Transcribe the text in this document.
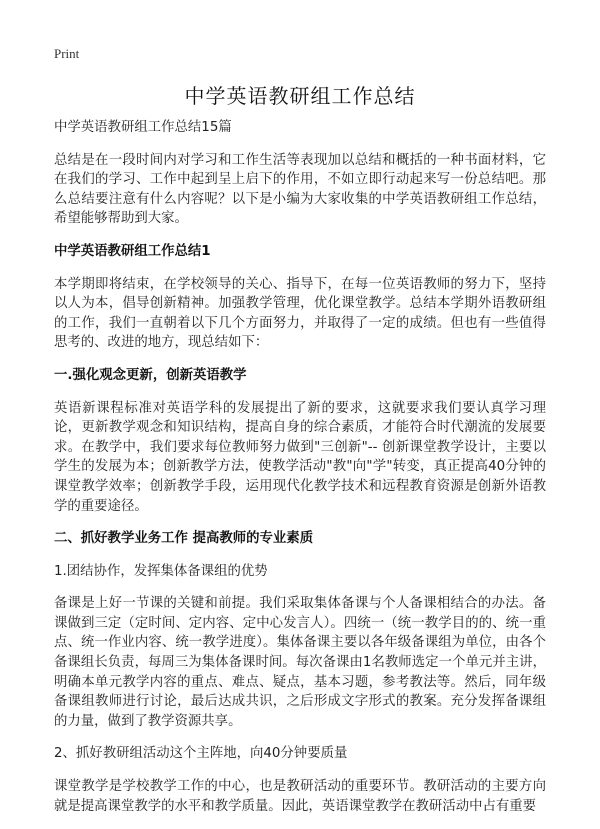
Print
中学英语教研组工作总结

中学英语教研组工作总结15篇

总结是在一段时间内对学习和工作生活等表现加以总结和概括的一种书面材料，它在我们的学习、工作中起到呈上启下的作用，不如立即行动起来写一份总结吧。那么总结要注意有什么内容呢？以下是小编为大家收集的中学英语教研组工作总结，希望能够帮助到大家。

中学英语教研组工作总结1

本学期即将结束，在学校领导的关心、指导下，在每一位英语教师的努力下，坚持以人为本，倡导创新精神。加强教学管理，优化课堂教学。总结本学期外语教研组的工作，我们一直朝着以下几个方面努力，并取得了一定的成绩。但也有一些值得思考的、改进的地方，现总结如下：

一.强化观念更新，创新英语教学

英语新课程标准对英语学科的发展提出了新的要求，这就要求我们要认真学习理论，更新教学观念和知识结构，提高自身的综合素质，才能符合时代潮流的发展要求。在教学中，我们要求每位教师努力做到"三创新"-- 创新课堂教学设计，主要以学生的发展为本；创新教学方法，使教学活动"教"向"学"转变，真正提高40分钟的课堂教学效率；创新教学手段，运用现代化教学技术和远程教育资源是创新外语教学的重要途径。

二、抓好教学业务工作 提高教师的专业素质

1.团结协作，发挥集体备课组的优势

备课是上好一节课的关键和前提。我们采取集体备课与个人备课相结合的办法。备课做到三定（定时间、定内容、定中心发言人）。四统一（统一教学目的的、统一重点、统一作业内容、统一教学进度）。集体备课主要以各年级备课组为单位，由各个备课组长负责，每周三为集体备课时间。每次备课由1名教师选定一个单元并主讲，明确本单元教学内容的重点、难点、疑点，基本习题，参考教法等。然后，同年级备课组教师进行讨论，最后达成共识，之后形成文字形式的教案。充分发挥备课组的力量，做到了教学资源共享。

2、抓好教研组活动这个主阵地，向40分钟要质量

课堂教学是学校教学工作的中心，也是教研活动的重要环节。教研活动的主要方向就是提高课堂教学的水平和教学质量。因此，英语课堂教学在教研活动中占有重要
